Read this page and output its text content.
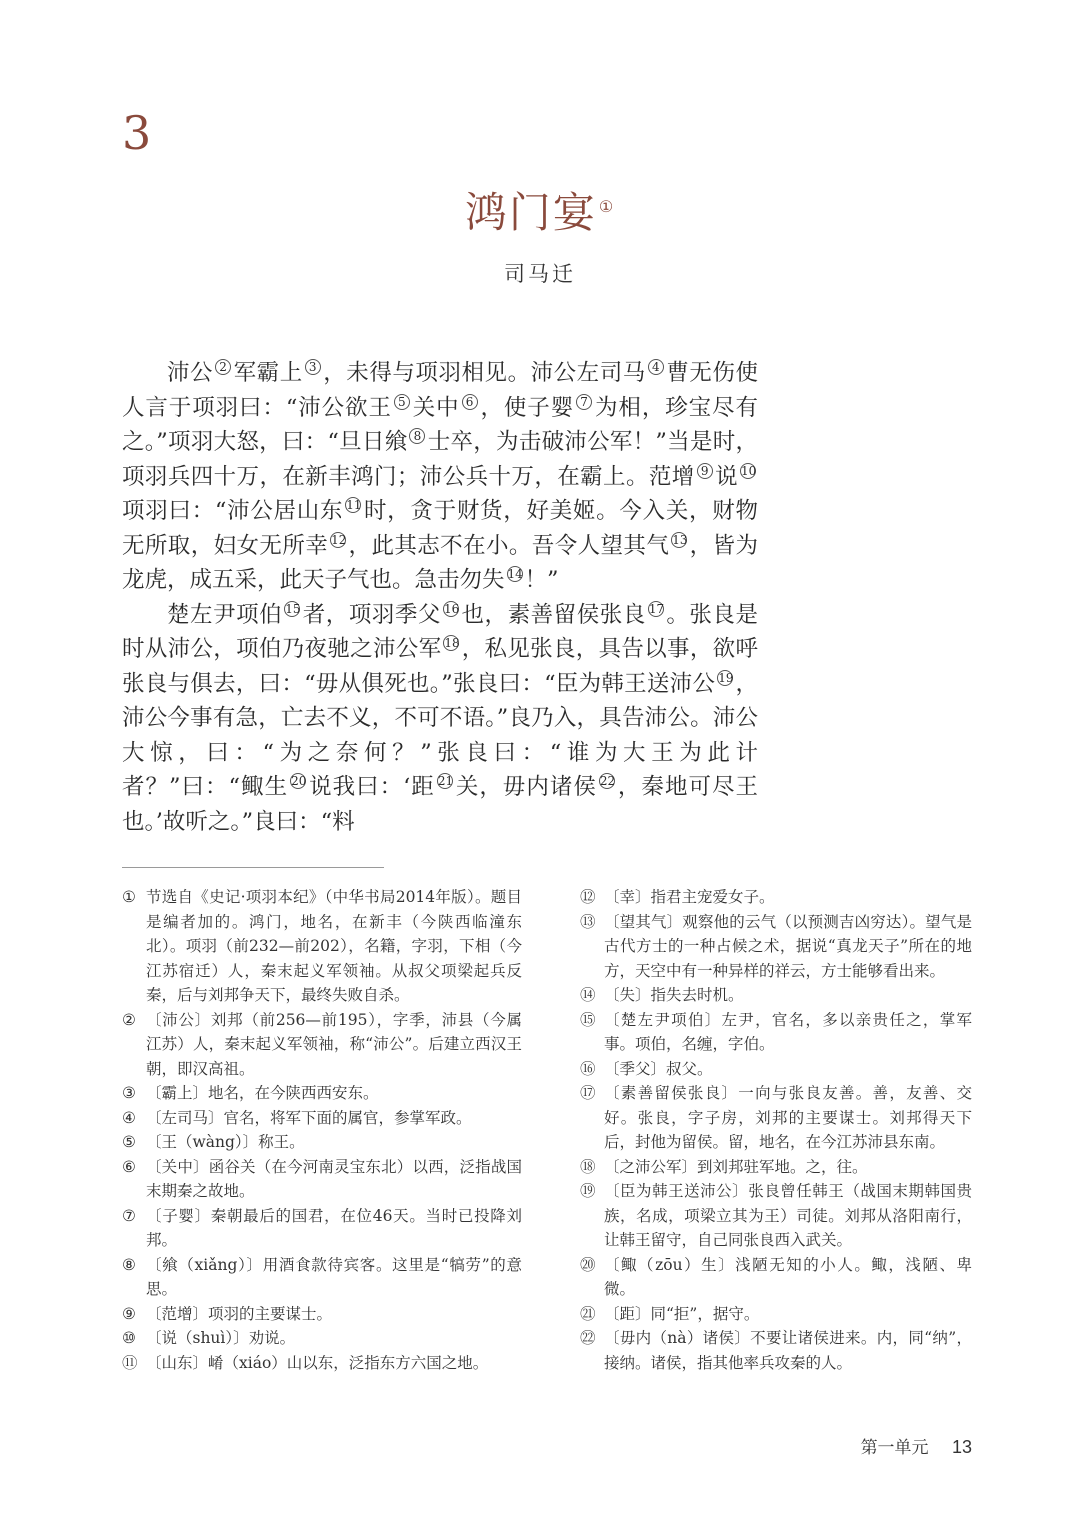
3
鸿门宴 ①
司马迁

沛公 2 军霸上 3 ，未得与项羽相见。沛公左司马 4 曹无伤使人言于项羽曰：“沛公欲王 5 关中 6 ，使子婴 7 为相，珍宝尽有之。”项羽大怒，曰：“旦日飨 8 士卒，为击破沛公军！”当是时，项羽兵四十万，在新丰鸿门；沛公兵十万，在霸上。范增 9 说 10项羽曰：“沛公居山东 11时，贪于财货，好美姬。今入关，财物无所取，妇女无所幸 12，此其志不在小。吾令人望其气 13，皆为龙虎，成五采，此天子气也。急击勿失 14！”

楚左尹项伯 15者，项羽季父 16也，素善留侯张良 17。张良是时从沛公，项伯乃夜驰之沛公军 18，私见张良，具告以事，欲呼张良与俱去，曰：“毋从俱死也。”张良曰：“臣为韩王送沛公 19，沛公今事有急，亡去不义，不可不语。”良乃入，具告沛公。沛公大惊，曰：“为之奈何？”张良曰：“谁为大王为此计者？”曰：“鲰生 20说我曰：‘距 21关，毋内诸侯 22，秦地可尽王也。’故听之。”良曰：“料

① 节选自《史记·项羽本纪》（中华书局2014年版）。题目是编者加的。鸿门，地名，在新丰（今陕西临潼东北）。项羽（前232—前202），名籍，字羽，下相（今江苏宿迁）人，秦末起义军领袖。从叔父项梁起兵反秦，后与刘邦争天下，最终失败自杀。
② 〔沛公〕刘邦（前256—前195），字季，沛县（今属江苏）人，秦末起义军领袖，称“沛公”。后建立西汉王朝，即汉高祖。
③ 〔霸上〕地名，在今陕西西安东。
④ 〔左司马〕官名，将军下面的属官，参掌军政。
⑤ 〔王（wàng）〕称王。
⑥ 〔关中〕函谷关（在今河南灵宝东北）以西，泛指战国末期秦之故地。
⑦ 〔子婴〕秦朝最后的国君，在位46天。当时已投降刘邦。
⑧ 〔飨（xiǎng）〕用酒食款待宾客。这里是“犒劳”的意思。
⑨ 〔范增〕项羽的主要谋士。
⑩ 〔说（shuì）〕劝说。
⑪ 〔山东〕崤（xiáo）山以东，泛指东方六国之地。
⑫ 〔幸〕指君主宠爱女子。
⑬ 〔望其气〕观察他的云气（以预测吉凶穷达）。望气是古代方士的一种占候之术，据说“真龙天子”所在的地方，天空中有一种异样的祥云，方士能够看出来。
⑭ 〔失〕指失去时机。
⑮ 〔楚左尹项伯〕左尹，官名，多以亲贵任之，掌军事。项伯，名缠，字伯。
⑯ 〔季父〕叔父。
⑰ 〔素善留侯张良〕一向与张良友善。善，友善、交好。张良，字子房，刘邦的主要谋士。刘邦得天下后，封他为留侯。留，地名，在今江苏沛县东南。
⑱ 〔之沛公军〕到刘邦驻军地。之，往。
⑲ 〔臣为韩王送沛公〕张良曾任韩王（战国末期韩国贵族，名成，项梁立其为王）司徒。刘邦从洛阳南行，让韩王留守，自己同张良西入武关。
⑳ 〔鲰（zōu）生〕浅陋无知的小人。鲰，浅陋、卑微。
㉑ 〔距〕同“拒”，据守。
㉒ 〔毋内（nà）诸侯〕不要让诸侯进来。内，同“纳”，接纳。诸侯，指其他率兵攻秦的人。
第一单元 13
